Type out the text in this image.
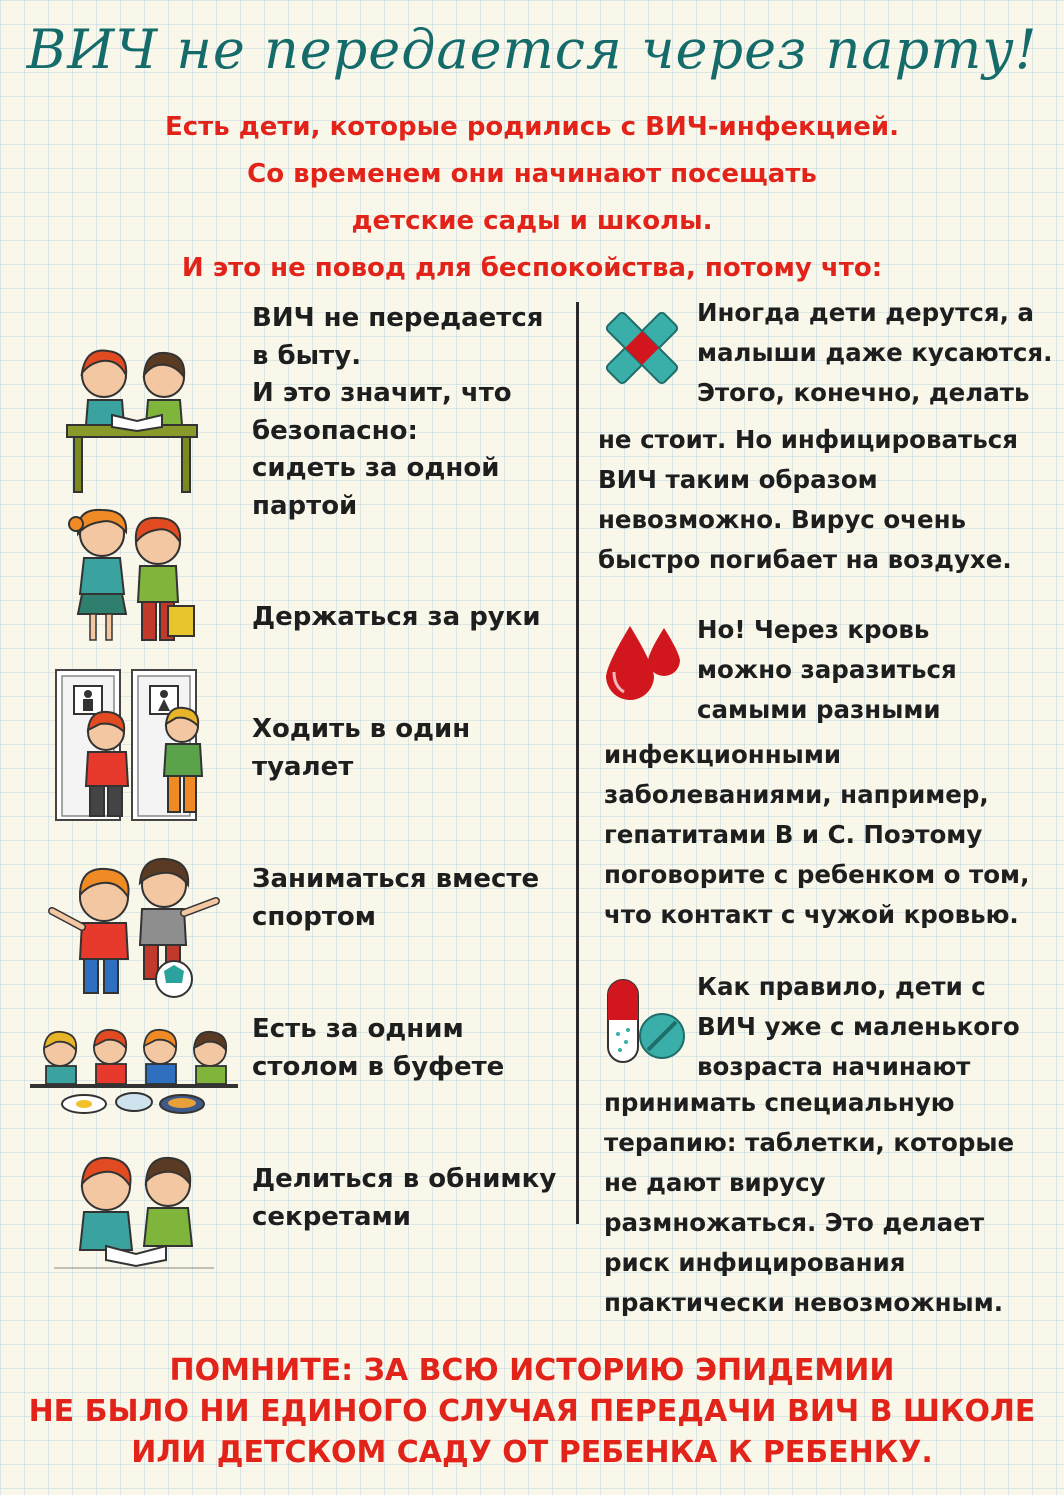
ВИЧ не передается через парту!
Есть дети, которые родились с ВИЧ-инфекцией.
Со временем они начинают посещать
детские сады и школы.
И это не повод для беспокойства, потому что:

ВИЧ не передается
в быту.
И это значит, что
безопасно:
сидеть за одной
партой

Держаться за руки

Ходить в один
туалет

Заниматься вместе
спортом

Есть за одним
столом в буфете

Делиться в обнимку
секретами

Иногда дети дерутся, а
малыши даже кусаются.
Этого, конечно, делать
не стоит. Но инфицироваться
ВИЧ таким образом
невозможно. Вирус очень
быстро погибает на воздухе.
Но! Через кровь
можно заразиться
самыми разными
инфекционными
заболеваниями, например,
гепатитами В и С. Поэтому
поговорите с ребенком о том,
что контакт с чужой кровью.
Как правило, дети с
ВИЧ уже с маленького
возраста начинают
принимать специальную
терапию: таблетки, которые
не дают вирусу
размножаться. Это делает
риск инфицирования
практически невозможным.
ПОМНИТЕ: ЗА ВСЮ ИСТОРИЮ ЭПИДЕМИИ
НЕ БЫЛО НИ ЕДИНОГО СЛУЧАЯ ПЕРЕДАЧИ ВИЧ В ШКОЛЕ
ИЛИ ДЕТСКОМ САДУ ОТ РЕБЕНКА К РЕБЕНКУ.
